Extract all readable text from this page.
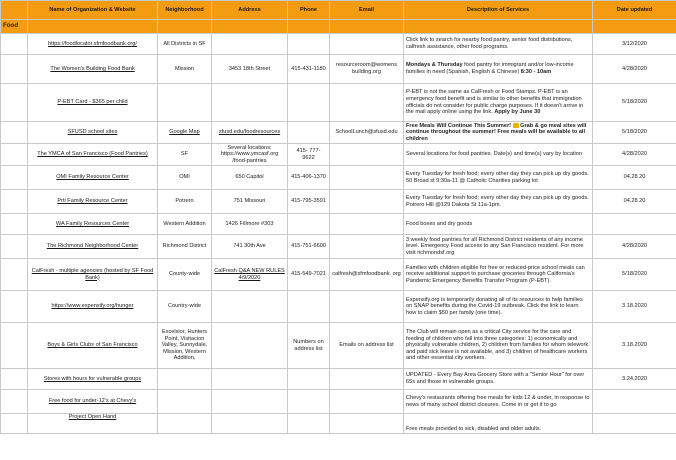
	Name of Organization & Website	Neighborhood	Address	Phone	Email	Description of Services	Date updated
Food							
	https://foodlocator.sfmfoodbank.org/	All Districts in SF				Click link to search for nearby food pantry, senior food distributions, calfresh assistance, other food programs.	3/12/2020
	The Women's Building Food Bank	Mission	3453 18th Street	415-431-1180	resourceroom@womens building.org	Mondays & Thursday food pantry for immigrant and/or low-income families in need (Spanish, English & Chinese) 8:30 - 10am	4/28/2020
	P-EBT Card - $365 per child					P-EBT is not the same as CalFresh or Food Stamps. P-EBT is an emergency food benefit and is similar to other benefits that immigration officials do not consider for public charge purposes. If it doesn't arrive in the mail apply online using the link. Apply by June 30	5/18/2020
	SFUSD school sites	Google Map	sfusd.edu/foodresources		SchoolLunch@sfusd.edu	Free Meals Will Continue This Summer! Grab & go meal sites will continue throughout the summer! Free meals will be available to all children	5/18/2020
	The YMCA of San Francisco (Food Pantries)	SF	Several locations: https://www.ymcasf.org /food-pantries	415- 777- 9622		Several locations for food pantries. Date(s) and time(s) vary by location	4/28/2020
	OMI Family Resource Center	OMI	650 Capitol	415-406-1370		Every Tuesday for fresh food; every other day they can pick up dry goods. 50 Broad st 9:30a-11 @ Catholic Charities parking lot	04.28.20
	Prti Family Resource Center	Potrero	751 Missouri	415-795-3591		Every Tuesday for fresh food; every other day they can pick up dry goods. Potrero Hill @129 Dakota St 11a-1pm.	04.28.20
	WA Family Resources Center	Western Addition	1426 Fillmore #303			Food boxes and dry goods	
	The Richmond Neighborhood Center	Richmond District	741 30th Ave	415-751-6600		3 weekly food pantries for all Richmond District residents of any income level. Emergency Food access to any San Francisco resident. For more visit richmondsf.org	4/28/2020
	CalFresh - multiple agencies (hosted by SF Food Bank)	County-wide	CalFresh Q&A NEW RULES 4/9/2020	415-549-7021	calfresh@sfmfoodbank. org	Families with children eligible for free or reduced-price school meals can receive additional support to purchase groceries through California's Pandemic Emergency Benefits Transfer Program (P-EBT).	5/18/2020
	https://www.expensify.org/hunger	Country-wide				Expensify.org is temporarily donating all of its resources to help families on SNAP benefits during the Covid-19 outbreak. Click the link to learn how to claim $50 per family (one time).	3.18.2020
	Boys & Girls Clubs of San Francisco	Excelsior, Hunters Point, Visitacion Valley, Sunnydale, Mission, Western Addition,		Numbers on address list	Emails on address list	The Club will remain open as a critical City service for the care and feeding of children who fall into three categories: 1) economically and physically vulnerable children, 2) children from families for whom telework and paid sick leave is not available, and 3) children of healthcare workers and other essential city workers.	3.18.2020
	Stores with hours for vulnerable groups					UPDATED - Every Bay Area Grocery Store with a "Senior Hour" for over 65s and those in vulnerable groups.	3.24.2020
	Free food for under-12's at Chevy's					Chevy's restaurants offering free meals for kids 12 & under, in response to news of many school district closures. Come in or get it to go	
	Project Open Hand					Free meals provided to sick, disabled and older adults.	
